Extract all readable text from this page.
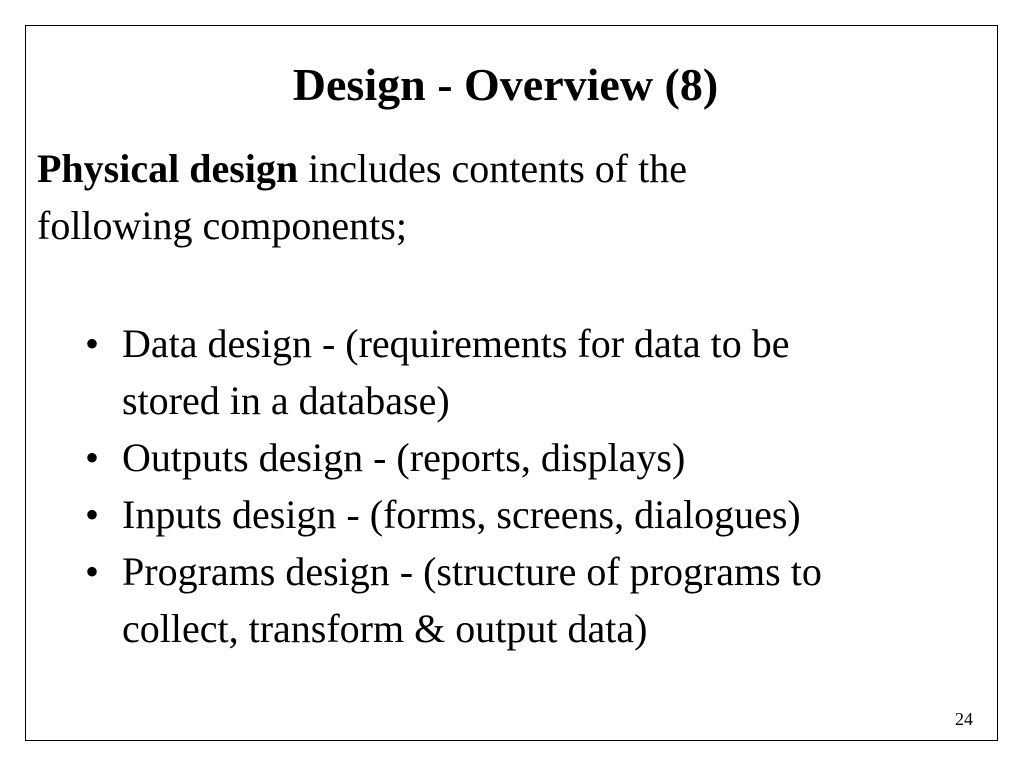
Design - Overview (8)

Physical design includes contents of the
following components;

• Data design - (requirements for data to be
stored in a database)
• Outputs design - (reports, displays)
• Inputs design - (forms, screens, dialogues)
• Programs design - (structure of programs to
collect, transform & output data)
24
